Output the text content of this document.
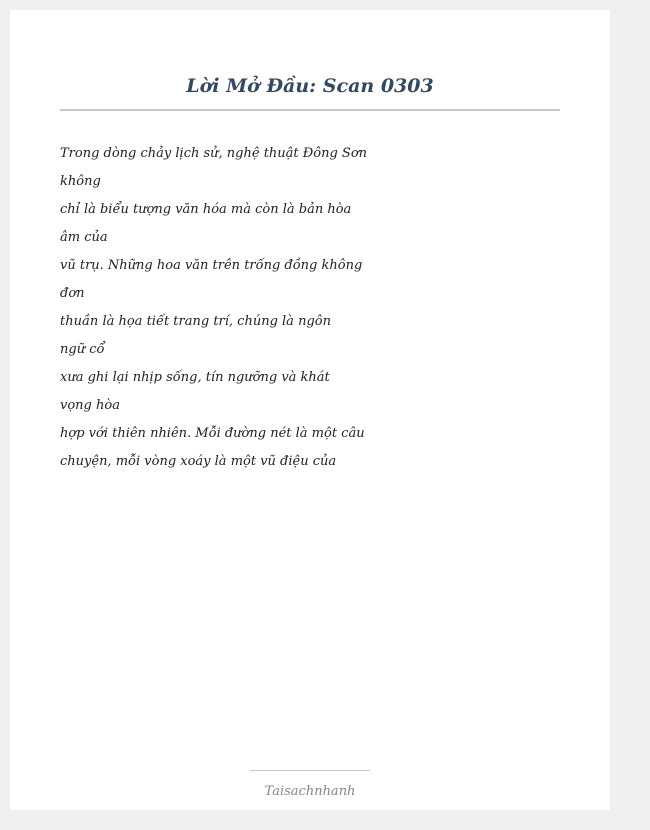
Lời Mở Đầu: Scan 0303
Trong dòng chảy lịch sử, nghệ thuật Đông Sơn
không
chỉ là biểu tượng văn hóa mà còn là bản hòa
âm của
vũ trụ. Những hoa văn trên trống đồng không
đơn
thuần là họa tiết trang trí, chúng là ngôn
ngữ cổ
xưa ghi lại nhịp sống, tín ngưỡng và khát
vọng hòa
hợp với thiên nhiên. Mỗi đường nét là một câu
chuyện, mỗi vòng xoáy là một vũ điệu của
Taisachnhanh
